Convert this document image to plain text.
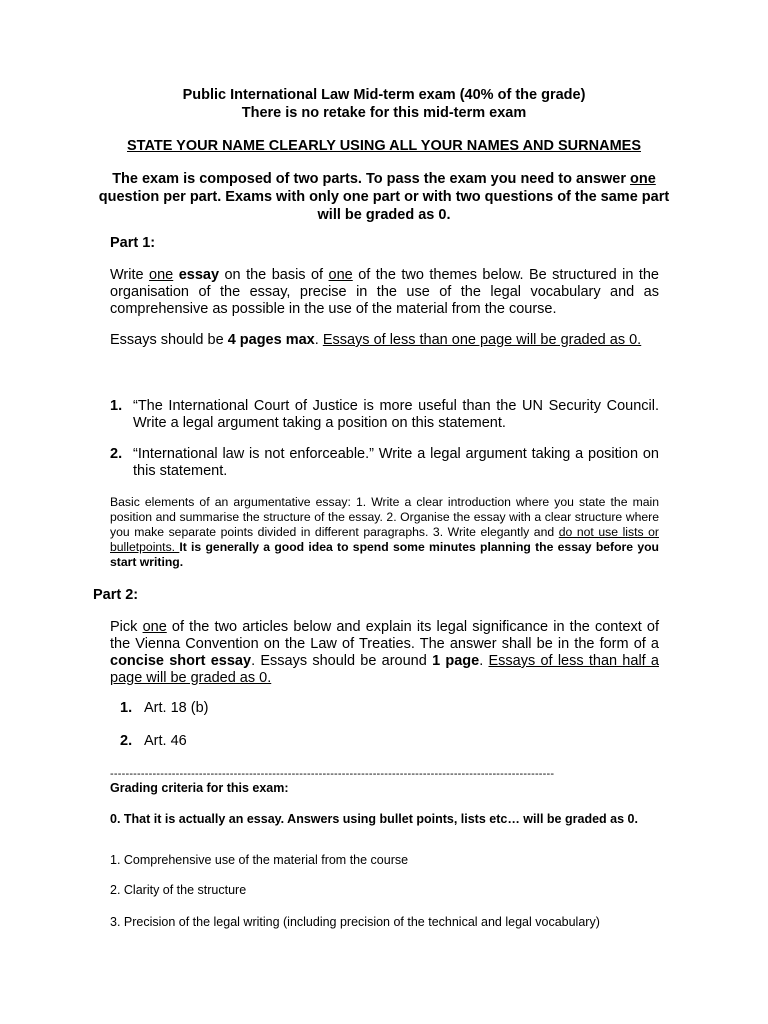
Public International Law Mid-term exam (40% of the grade)
There is no retake for this mid-term exam
STATE YOUR NAME CLEARLY USING ALL YOUR NAMES AND SURNAMES
The exam is composed of two parts. To pass the exam you need to answer one question per part. Exams with only one part or with two questions of the same part will be graded as 0.
Part 1:
Write one essay on the basis of one of the two themes below. Be structured in the organisation of the essay, precise in the use of the legal vocabulary and as comprehensive as possible in the use of the material from the course.
Essays should be 4 pages max. Essays of less than one page will be graded as 0.
1. “The International Court of Justice is more useful than the UN Security Council. Write a legal argument taking a position on this statement.
2. “International law is not enforceable.” Write a legal argument taking a position on this statement.
Basic elements of an argumentative essay: 1. Write a clear introduction where you state the main position and summarise the structure of the essay. 2. Organise the essay with a clear structure where you make separate points divided in different paragraphs. 3. Write elegantly and do not use lists or bulletpoints. It is generally a good idea to spend some minutes planning the essay before you start writing.
Part 2:
Pick one of the two articles below and explain its legal significance in the context of the Vienna Convention on the Law of Treaties. The answer shall be in the form of a concise short essay. Essays should be around 1 page. Essays of less than half a page will be graded as 0.
1. Art. 18 (b)
2. Art. 46
-------------------------------------------------------------------------------------------------------------------
Grading criteria for this exam:
0. That it is actually an essay. Answers using bullet points, lists etc… will be graded as 0.
1. Comprehensive use of the material from the course
2. Clarity of the structure
3. Precision of the legal writing (including precision of the technical and legal vocabulary)
